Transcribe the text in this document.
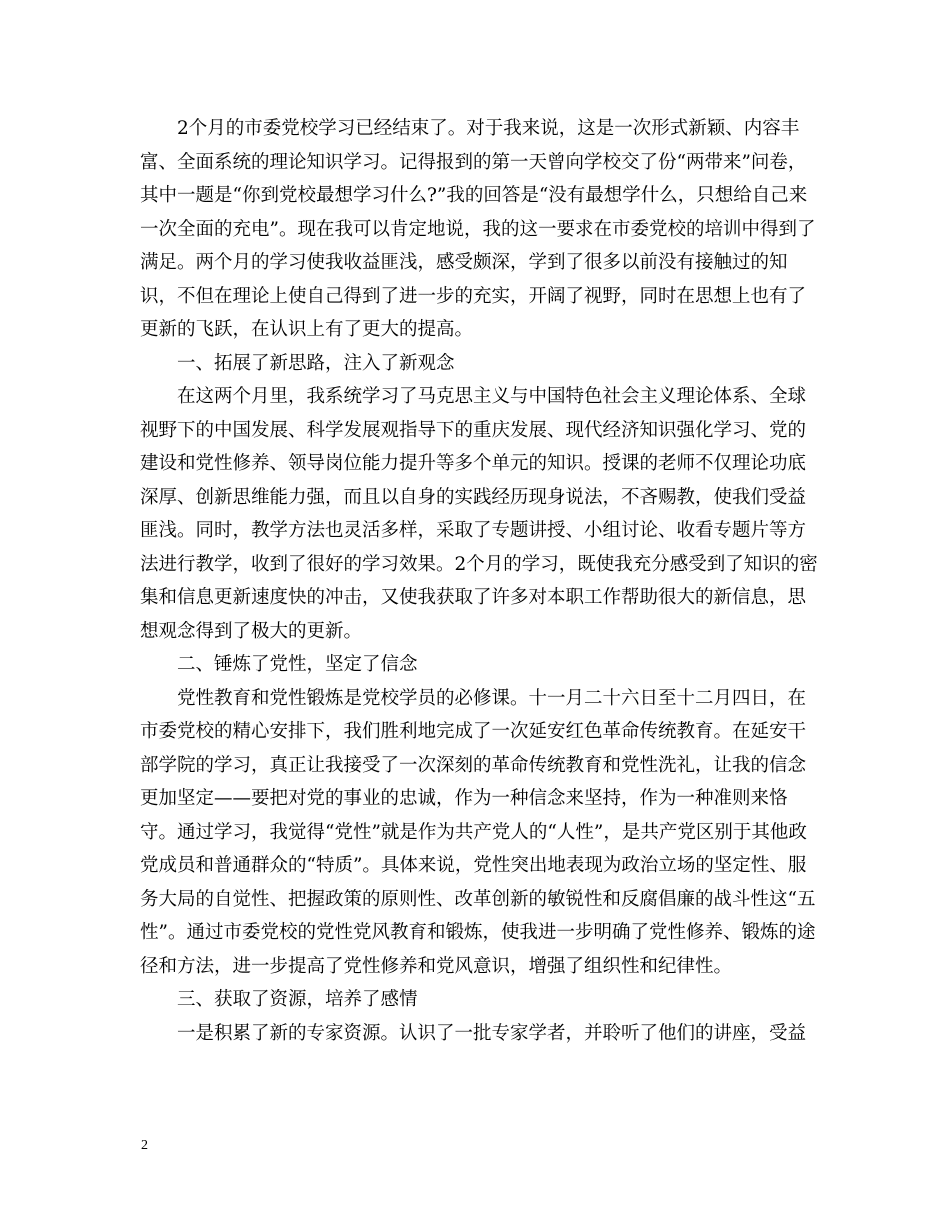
2个月的市委党校学习已经结束了。对于我来说，这是一次形式新颖、内容丰富、全面系统的理论知识学习。记得报到的第一天曾向学校交了份“两带来”问卷，其中一题是“你到党校最想学习什么?”我的回答是“没有最想学什么，只想给自己来一次全面的充电”。现在我可以肯定地说，我的这一要求在市委党校的培训中得到了满足。两个月的学习使我收益匪浅，感受颇深，学到了很多以前没有接触过的知识，不但在理论上使自己得到了进一步的充实，开阔了视野，同时在思想上也有了更新的飞跃，在认识上有了更大的提高。

一、拓展了新思路，注入了新观念

在这两个月里，我系统学习了马克思主义与中国特色社会主义理论体系、全球视野下的中国发展、科学发展观指导下的重庆发展、现代经济知识强化学习、党的建设和党性修养、领导岗位能力提升等多个单元的知识。授课的老师不仅理论功底深厚、创新思维能力强，而且以自身的实践经历现身说法，不吝赐教，使我们受益匪浅。同时，教学方法也灵活多样，采取了专题讲授、小组讨论、收看专题片等方法进行教学，收到了很好的学习效果。2个月的学习，既使我充分感受到了知识的密集和信息更新速度快的冲击，又使我获取了许多对本职工作帮助很大的新信息，思想观念得到了极大的更新。

二、锤炼了党性，坚定了信念

党性教育和党性锻炼是党校学员的必修课。十一月二十六日至十二月四日，在市委党校的精心安排下，我们胜利地完成了一次延安红色革命传统教育。在延安干部学院的学习，真正让我接受了一次深刻的革命传统教育和党性洗礼，让我的信念更加坚定——要把对党的事业的忠诚，作为一种信念来坚持，作为一种准则来恪守。通过学习，我觉得“党性”就是作为共产党人的“人性”，是共产党区别于其他政党成员和普通群众的“特质”。具体来说，党性突出地表现为政治立场的坚定性、服务大局的自觉性、把握政策的原则性、改革创新的敏锐性和反腐倡廉的战斗性这“五性”。通过市委党校的党性党风教育和锻炼，使我进一步明确了党性修养、锻炼的途径和方法，进一步提高了党性修养和党风意识，增强了组织性和纪律性。

三、获取了资源，培养了感情

一是积累了新的专家资源。认识了一批专家学者，并聆听了他们的讲座，受益

2
